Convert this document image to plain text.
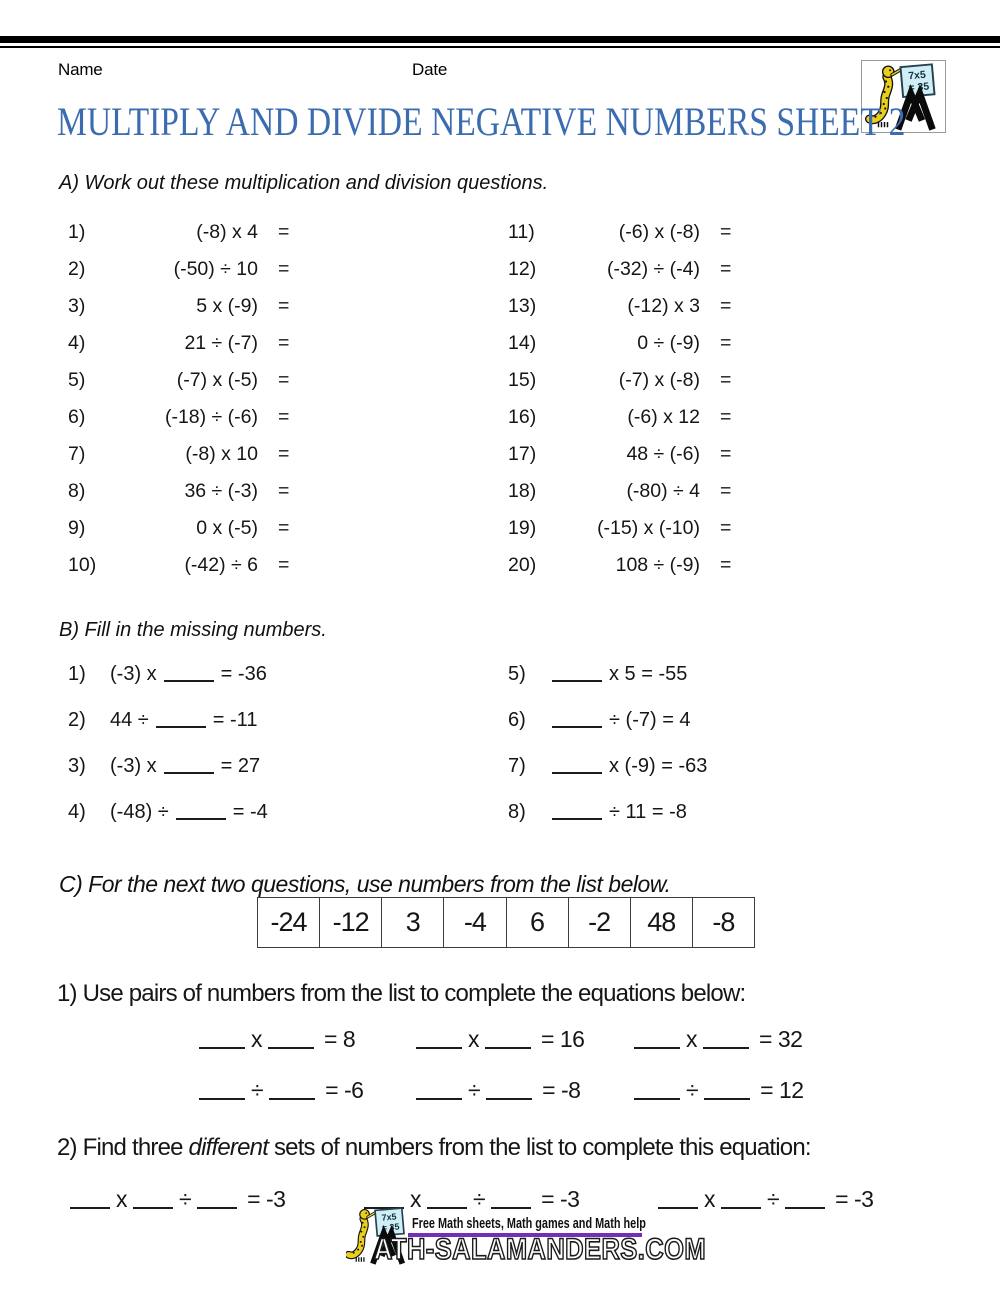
Name	Date	7x5
= 35
MULTIPLY AND DIVIDE NEGATIVE NUMBERS SHEET 2
A) Work out these multiplication and division questions.
1)	(-8) x 4 =
2)	(-50) ÷ 10 =
3)	5 x (-9) =
4)	21 ÷ (-7) =
5)	(-7) x (-5) =
6)	(-18) ÷ (-6) =
7)	(-8) x 10 =
8)	36 ÷ (-3) =
9)	0 x (-5) =
10)	(-42) ÷ 6 =
11)	(-6) x (-8) =
12)	(-32) ÷ (-4) =
13)	(-12) x 3 =
14)	0 ÷ (-9) =
15)	(-7) x (-8) =
16)	(-6) x 12 =
17)	48 ÷ (-6) =
18)	(-80) ÷ 4 =
19)	(-15) x (-10) =
20)	108 ÷ (-9) =
B) Fill in the missing numbers.
1) (-3) x	= -36
2) 44 ÷	= -11
3) (-3) x	= 27
4) (-48) ÷	= -4
5)	x 5 = -55
6)	÷ (-7) = 4
7)	x (-9) = -63
8)	÷ 11 = -8
C) For the next two questions, use numbers from the list below.
-24 -12	3	-4	6	-2	48	-8
1) Use pairs of numbers from the list to complete the equations below:
x	= 8	x	= 16	x	= 32
÷	= -6	÷	= -8	÷	= 12
2) Find three different sets of numbers from the list to complete this equation:
x ÷ = -3	x ÷ = -3	x ÷ = -3
7x5
= 35 Free Math sheets, Math games and Math help
ATH-SALAMANDERS.COM
